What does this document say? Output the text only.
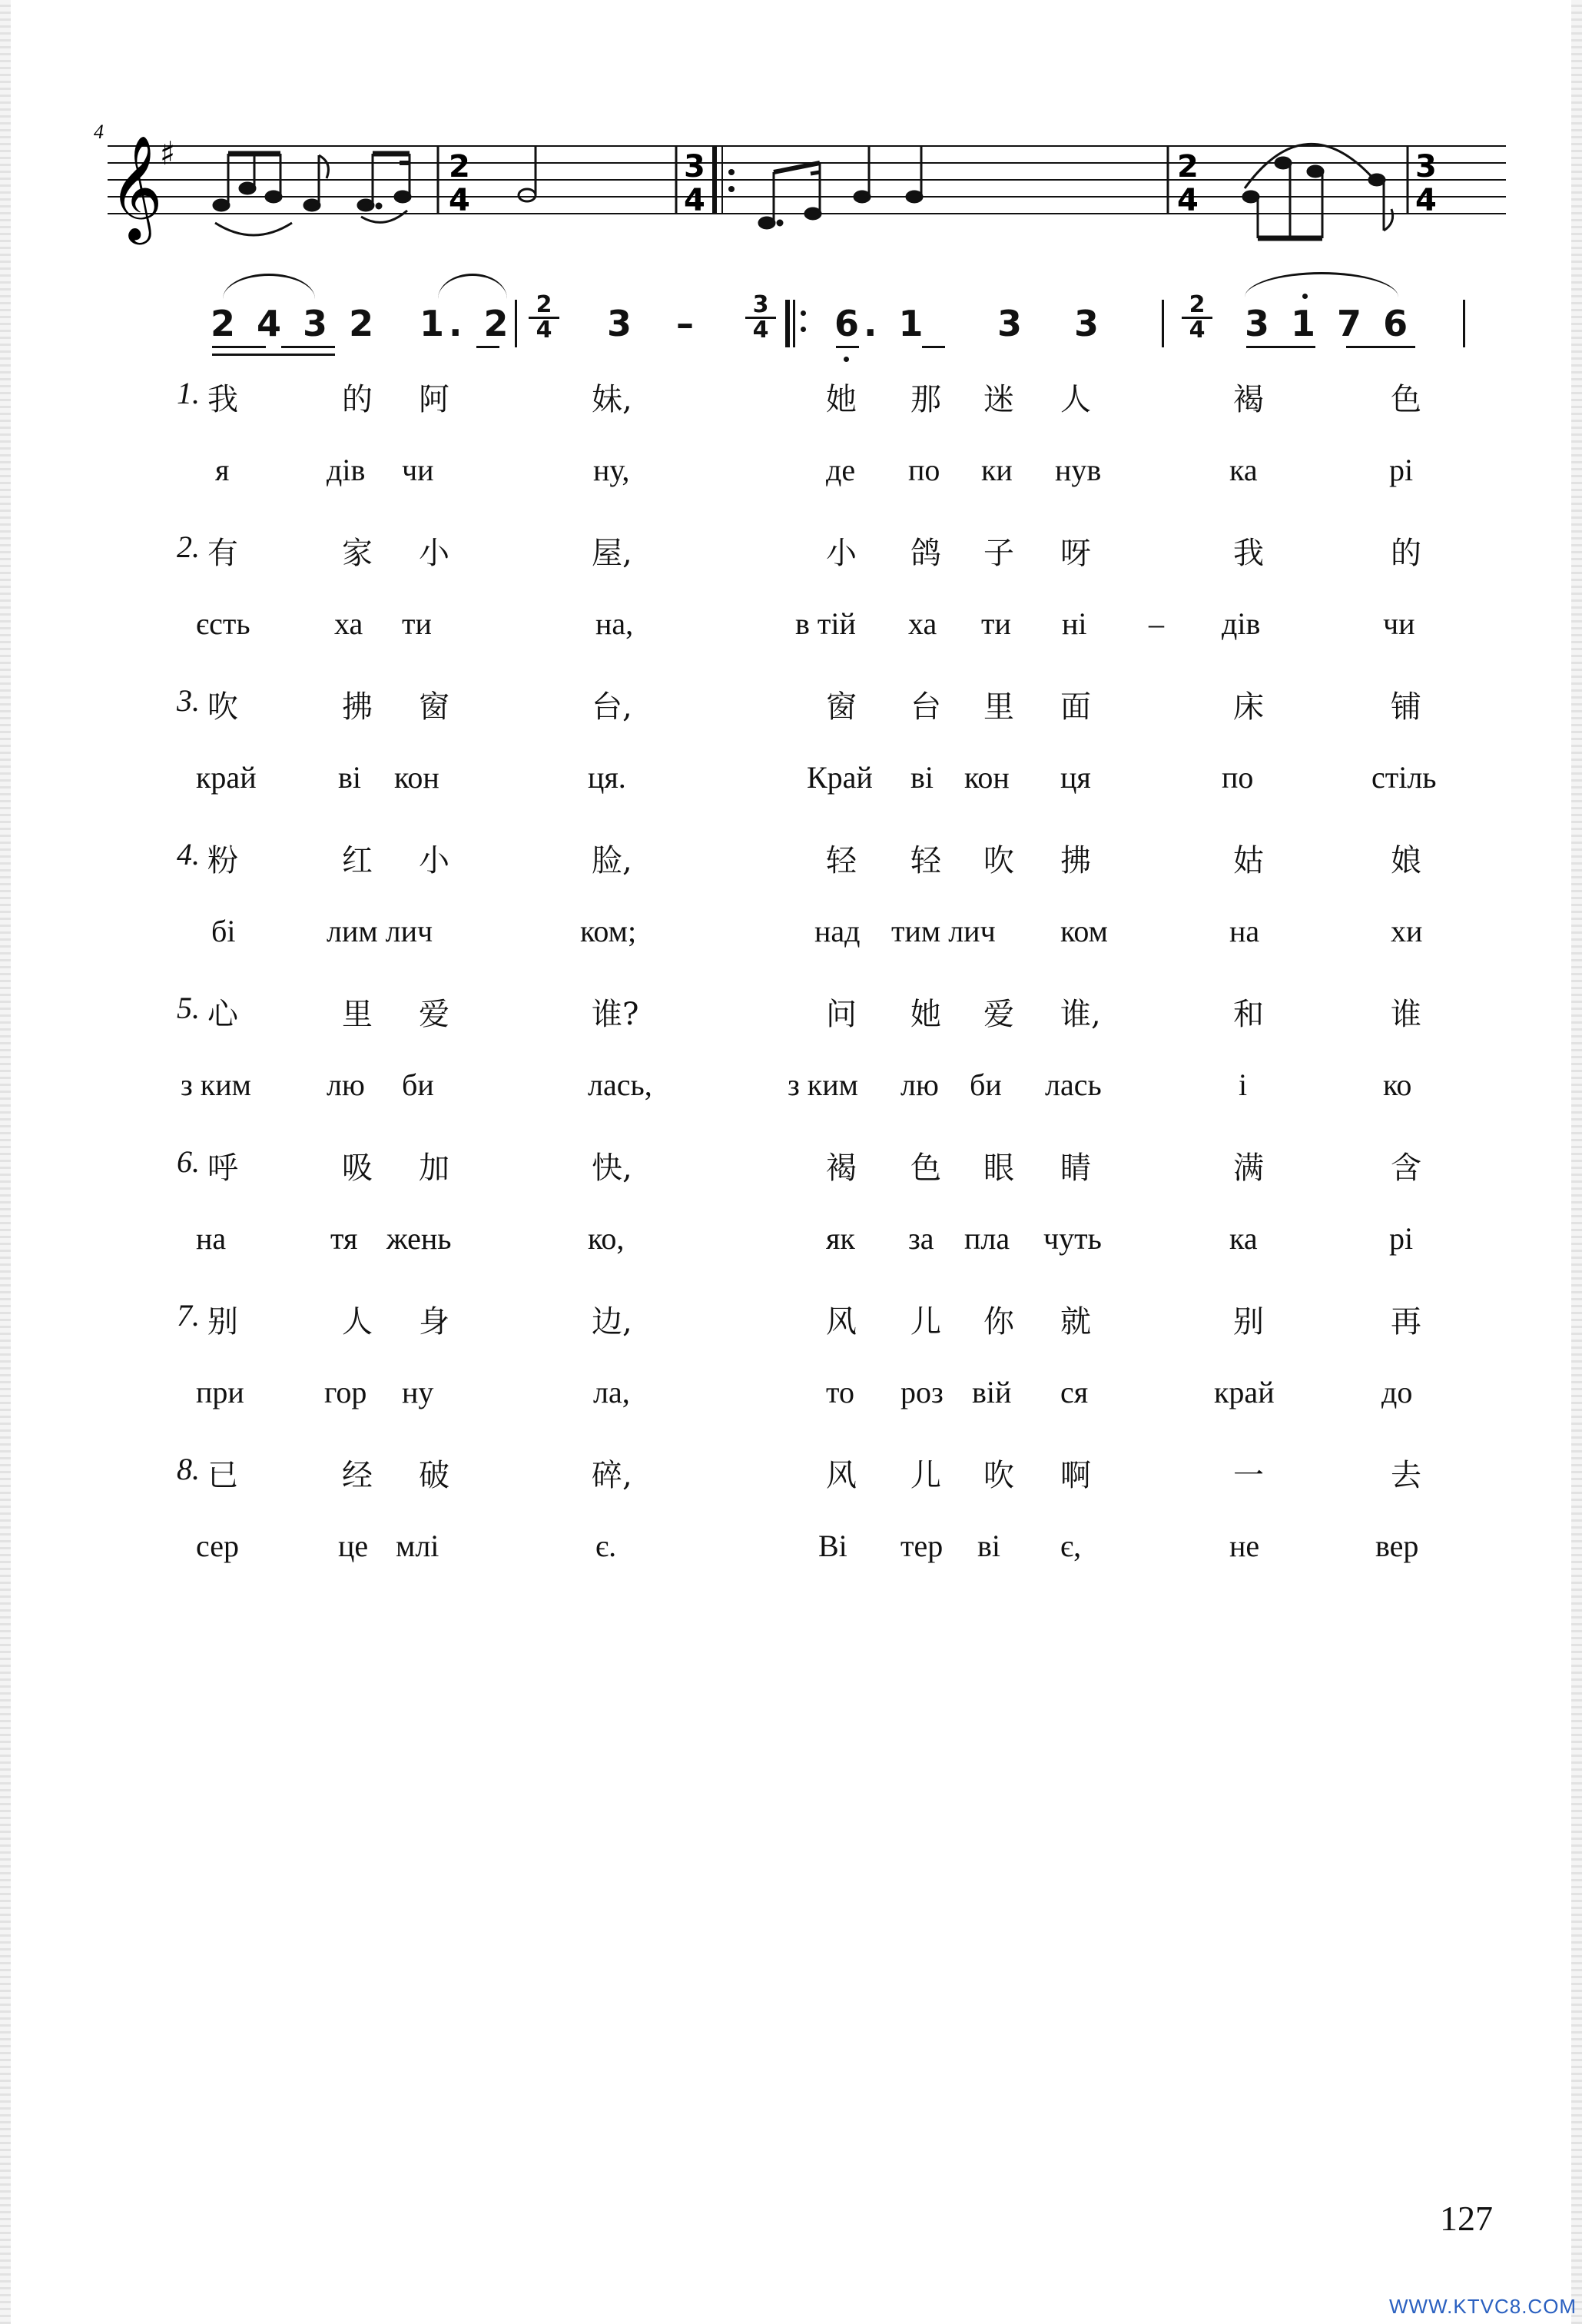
4
𝄞
♯	2
4
3
4
2
4
3
4
2 4 3 2 1. 2	2
4 3 –	3
4 6. 1 3 3	2
4 3 1 7 6
1. 我	的 阿	妹,	她 那 迷 人	褐	色
я	дів чи	ну,	де по ки нув	ка	рі
2. 有	家 小	屋,	小 鸽 子 呀	我	的
єсть	ха ти	на,	в тій ха ти ні – дів	чи
3. 吹	拂 窗	台,	窗 台 里 面	床	铺
край	ві кон	ця.	Край ві кон ця	по	стіль
4. 粉	红 小	脸,	轻 轻 吹 拂	姑	娘
бі	лим лич	ком;	над тим лич ком	на	хи
5. 心	里 爱	谁?	问 她 爱 谁,	和	谁
з ким лю би	лась,	з ким лю би лась	і	ко
6. 呼	吸 加	快,	褐 色 眼 睛	满	含
на	тя жень	ко,	як за пла чуть	ка	рі
7. 别	人 身	边,	风 儿 你 就	别	再
при	гор ну	ла,	то роз вій ся	край	до
8. 已	经 破	碎,	风 儿 吹 啊	一	去
сер	це млі	є.	Ві тер ві є,	не	вер
127
WWW.KTVC8.COM
